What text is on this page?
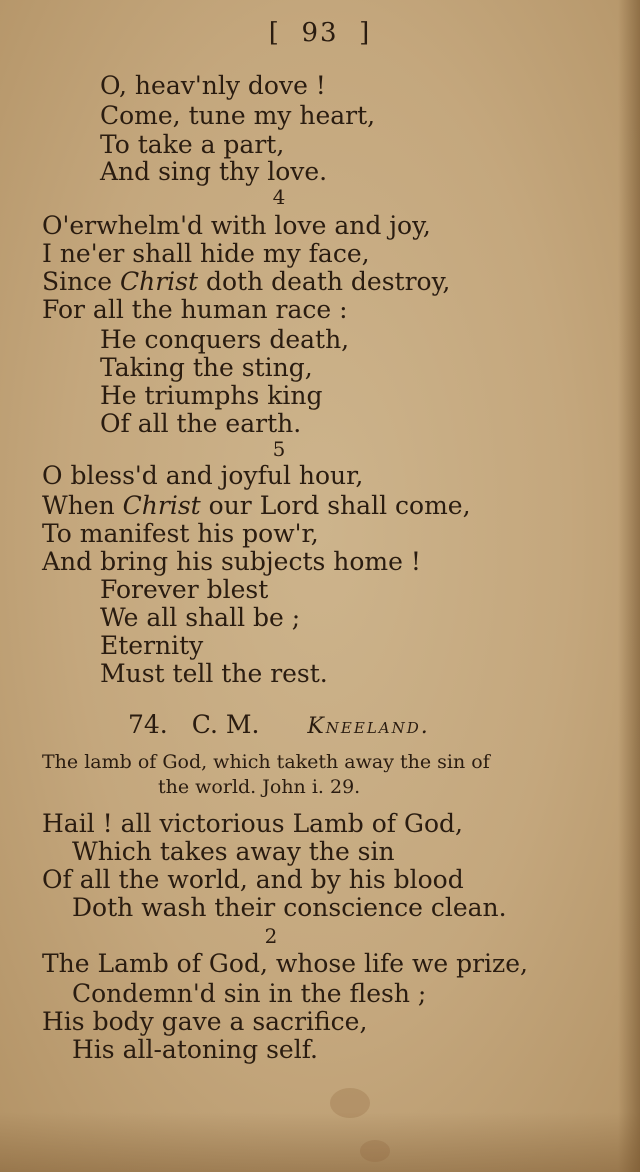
[  93  ]
O, heav'nly dove !
Come, tune my heart,
To take a part,
And sing thy love.
4
O'erwhelm'd with love and joy,
I ne'er shall hide my face,
Since Christ doth death destroy,
For all the human race :
He conquers death,
Taking the sting,
He triumphs king
Of all the earth.
5
O bless'd and joyful hour,
When Christ our Lord shall come,
To manifest his pow'r,
And bring his subjects home !
Forever blest
We all shall be ;
Eternity
Must tell the rest.
74. C. M. Kneeland.
The lamb of God, which taketh away the sin of
the world. John i. 29.
Hail ! all victorious Lamb of God,
Which takes away the sin
Of all the world, and by his blood
Doth wash their conscience clean.
2
The Lamb of God, whose life we prize,
Condemn'd sin in the flesh ;
His body gave a sacrifice,
His all-atoning self.
